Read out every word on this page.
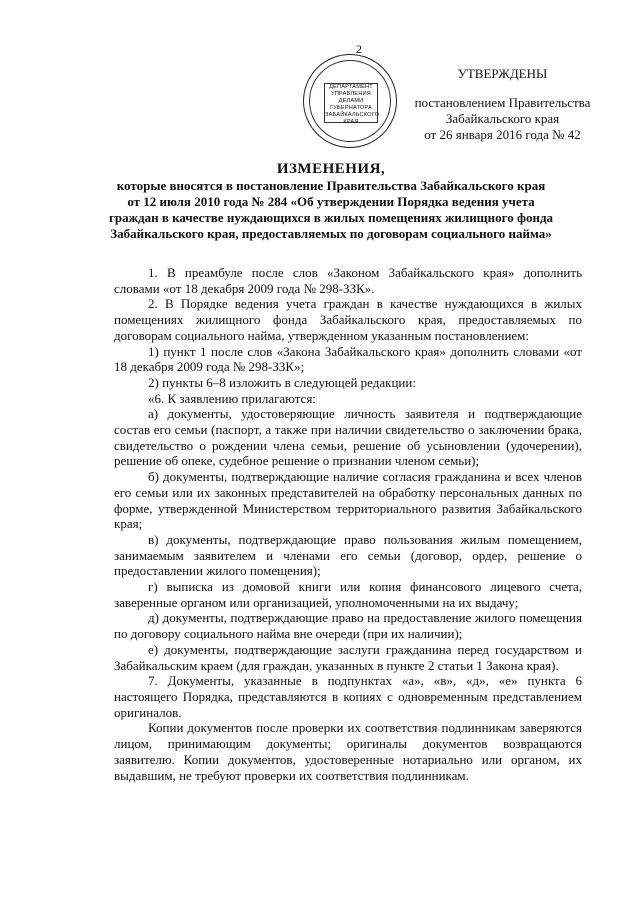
2
ДЕПАРТАМЕНТ
УПРАВЛЕНИЯ
ДЕЛАМИ
ГУБЕРНАТОРА
ЗАБАЙКАЛЬСКОГО
КРАЯ
УТВЕРЖДЕНЫ
постановлением Правительства
Забайкальского края
от 26 января 2016 года № 42
ИЗМЕНЕНИЯ,
которые вносятся в постановление Правительства Забайкальского края
от 12 июля 2010 года № 284 «Об утверждении Порядка ведения учета
граждан в качестве нуждающихся в жилых помещениях жилищного фонда
Забайкальского края, предоставляемых по договорам социального найма»

1. В преамбуле после слов «Законом Забайкальского края» дополнить словами «от 18 декабря 2009 года № 298-ЗЗК».

2. В Порядке ведения учета граждан в качестве нуждающихся в жилых помещениях жилищного фонда Забайкальского края, предоставляемых по договорам социального найма, утвержденном указанным постановлением:

1) пункт 1 после слов «Закона Забайкальского края» дополнить словами «от 18 декабря 2009 года № 298-ЗЗК»;

2) пункты 6–8 изложить в следующей редакции:

«6. К заявлению прилагаются:

а) документы, удостоверяющие личность заявителя и подтверждающие состав его семьи (паспорт, а также при наличии свидетельство о заключении брака, свидетельство о рождении члена семьи, решение об усыновлении (удочерении), решение об опеке, судебное решение о признании членом семьи);

б) документы, подтверждающие наличие согласия гражданина и всех членов его семьи или их законных представителей на обработку персональных данных по форме, утвержденной Министерством территориального развития Забайкальского края;

в) документы, подтверждающие право пользования жилым помещением, занимаемым заявителем и членами его семьи (договор, ордер, решение о предоставлении жилого помещения);

г) выписка из домовой книги или копия финансового лицевого счета, заверенные органом или организацией, уполномоченными на их выдачу;

д) документы, подтверждающие право на предоставление жилого помещения по договору социального найма вне очереди (при их наличии);

е) документы, подтверждающие заслуги гражданина перед государством и Забайкальским краем (для граждан, указанных в пункте 2 статьи 1 Закона края).

7. Документы, указанные в подпунктах «а», «в», «д», «е» пункта 6 настоящего Порядка, представляются в копиях с одновременным представлением оригиналов.

Копии документов после проверки их соответствия подлинникам заверяются лицом, принимающим документы; оригиналы документов возвращаются заявителю. Копии документов, удостоверенные нотариально или органом, их выдавшим, не требуют проверки их соответствия подлинникам.
